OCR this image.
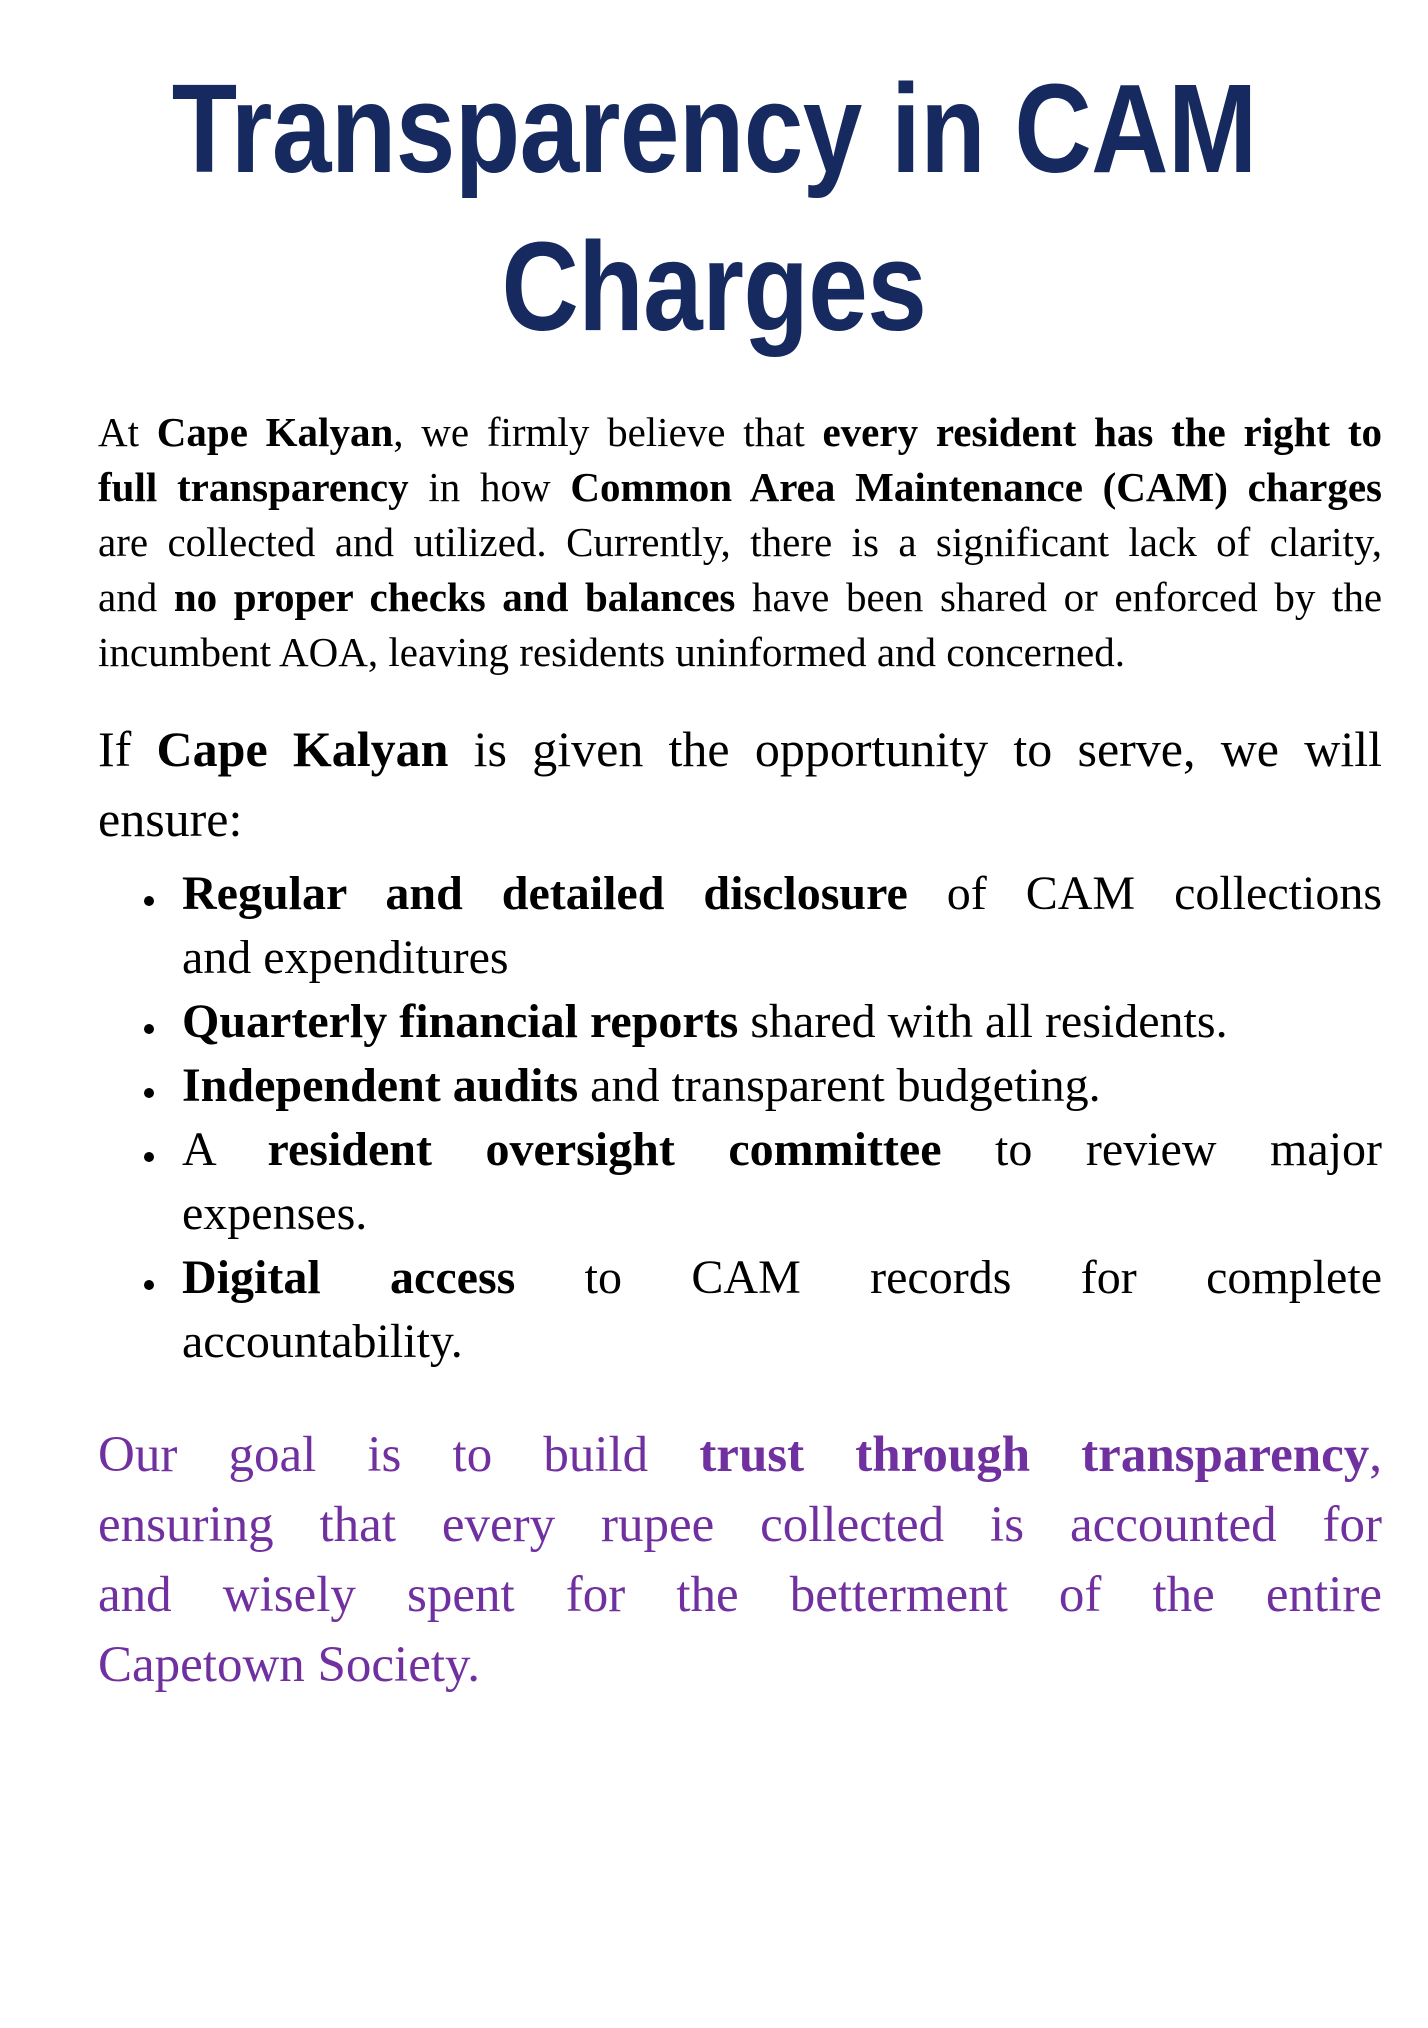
Transparency in CAM
Charges
At Cape Kalyan, we firmly believe that every resident has the right to
full transparency in how Common Area Maintenance (CAM) charges
are collected and utilized. Currently, there is a significant lack of clarity,
and no proper checks and balances have been shared or enforced by the
incumbent AOA, leaving residents uninformed and concerned.
If Cape Kalyan is given the opportunity to serve, we will
ensure:
Regular and detailed disclosure of CAM collections
and expenditures
Quarterly financial reports shared with all residents.
Independent audits and transparent budgeting.
A resident oversight committee to review major
expenses.
Digital access to CAM records for complete
accountability.
Our goal is to build trust through transparency,
ensuring that every rupee collected is accounted for
and wisely spent for the betterment of the entire
Capetown Society.
